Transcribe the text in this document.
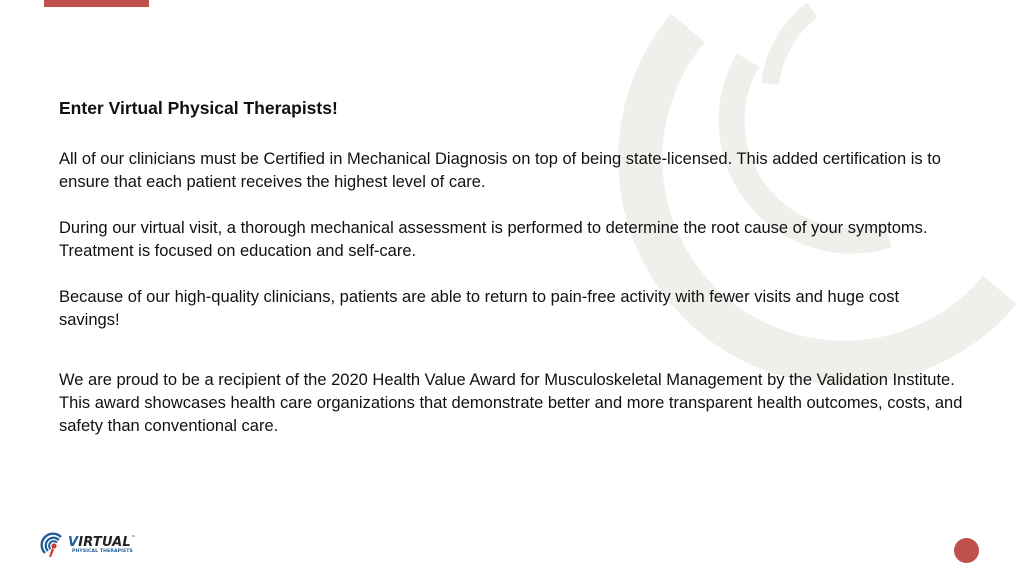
Enter Virtual Physical Therapists!

All of our clinicians must be Certified in Mechanical Diagnosis on top of being state-licensed. This added certification is to ensure that each patient receives the highest level of care.

During our virtual visit, a thorough mechanical assessment is performed to determine the root cause of your symptoms. Treatment is focused on education and self-care.

Because of our high-quality clinicians, patients are able to return to pain-free activity with fewer visits and huge cost savings!

We are proud to be a recipient of the 2020 Health Value Award for Musculoskeletal Management by the Validation Institute. This award showcases health care organizations that demonstrate better and more transparent health outcomes, costs, and safety than conventional care.

VIRTUAL™
PHYSICAL THERAPISTS
